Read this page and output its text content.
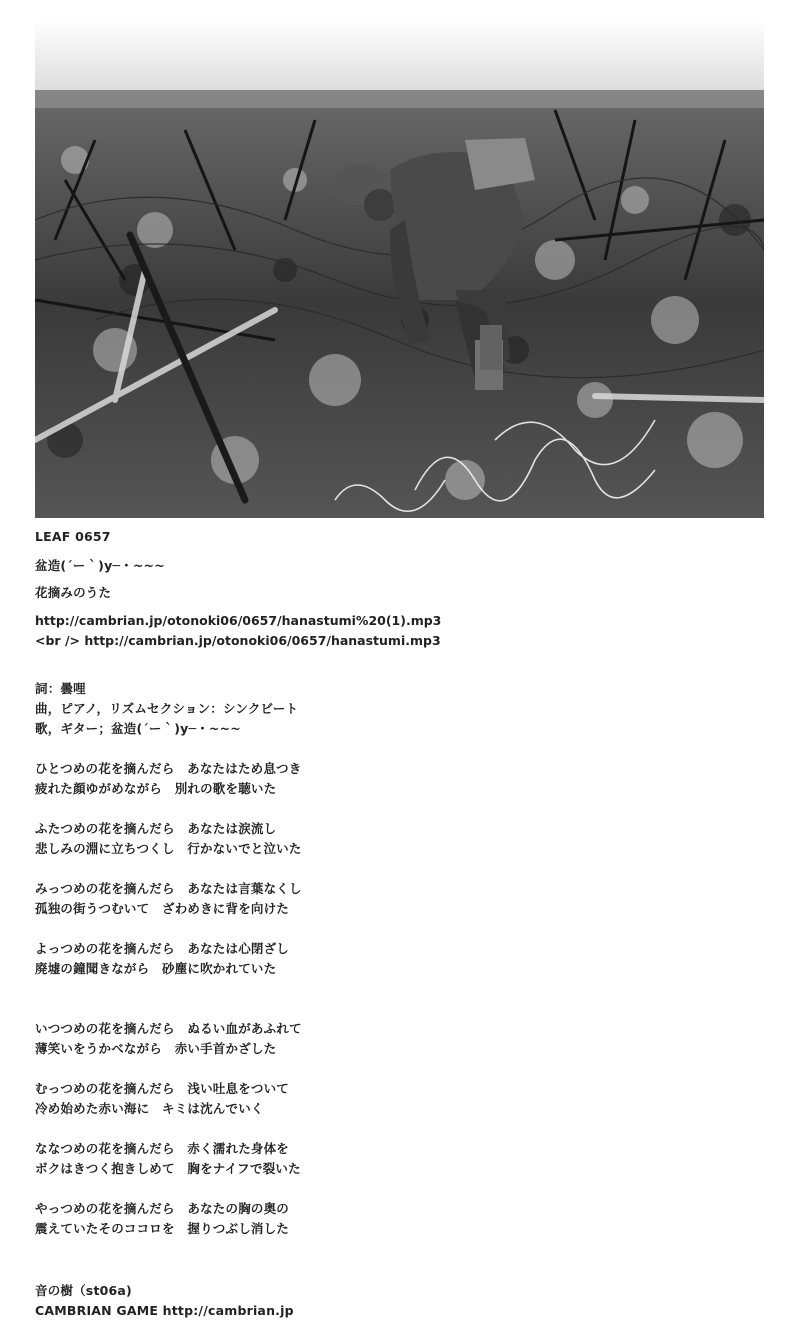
LEAF 0657
盆造(´ー｀)y─・~~~
花摘みのうた
http://cambrian.jp/otonoki06/0657/hanastumi%20(1).mp3 <br /> http://cambrian.jp/otonoki06/0657/hanastumi.mp3
詞：曇哩
曲，ピアノ，リズムセクション：シンクビート
歌，ギター；盆造(´ー｀)y─・~~~
ひとつめの花を摘んだら　あなたはため息つき
疲れた顔ゆがめながら　別れの歌を聴いた
ふたつめの花を摘んだら　あなたは涙流し
悲しみの淵に立ちつくし　行かないでと泣いた
みっつめの花を摘んだら　あなたは言葉なくし
孤独の街うつむいて　ざわめきに背を向けた
よっつめの花を摘んだら　あなたは心閉ざし
廃墟の鐘聞きながら　砂塵に吹かれていた
いつつめの花を摘んだら　ぬるい血があふれて
薄笑いをうかべながら　赤い手首かざした
むっつめの花を摘んだら　浅い吐息をついて
冷め始めた赤い海に　キミは沈んでいく
ななつめの花を摘んだら　赤く濡れた身体を
ボクはきつく抱きしめて　胸をナイフで裂いた
やっつめの花を摘んだら　あなたの胸の奥の
震えていたそのココロを　握りつぶし消した
音の樹（st06a)
CAMBRIAN GAME http://cambrian.jp
